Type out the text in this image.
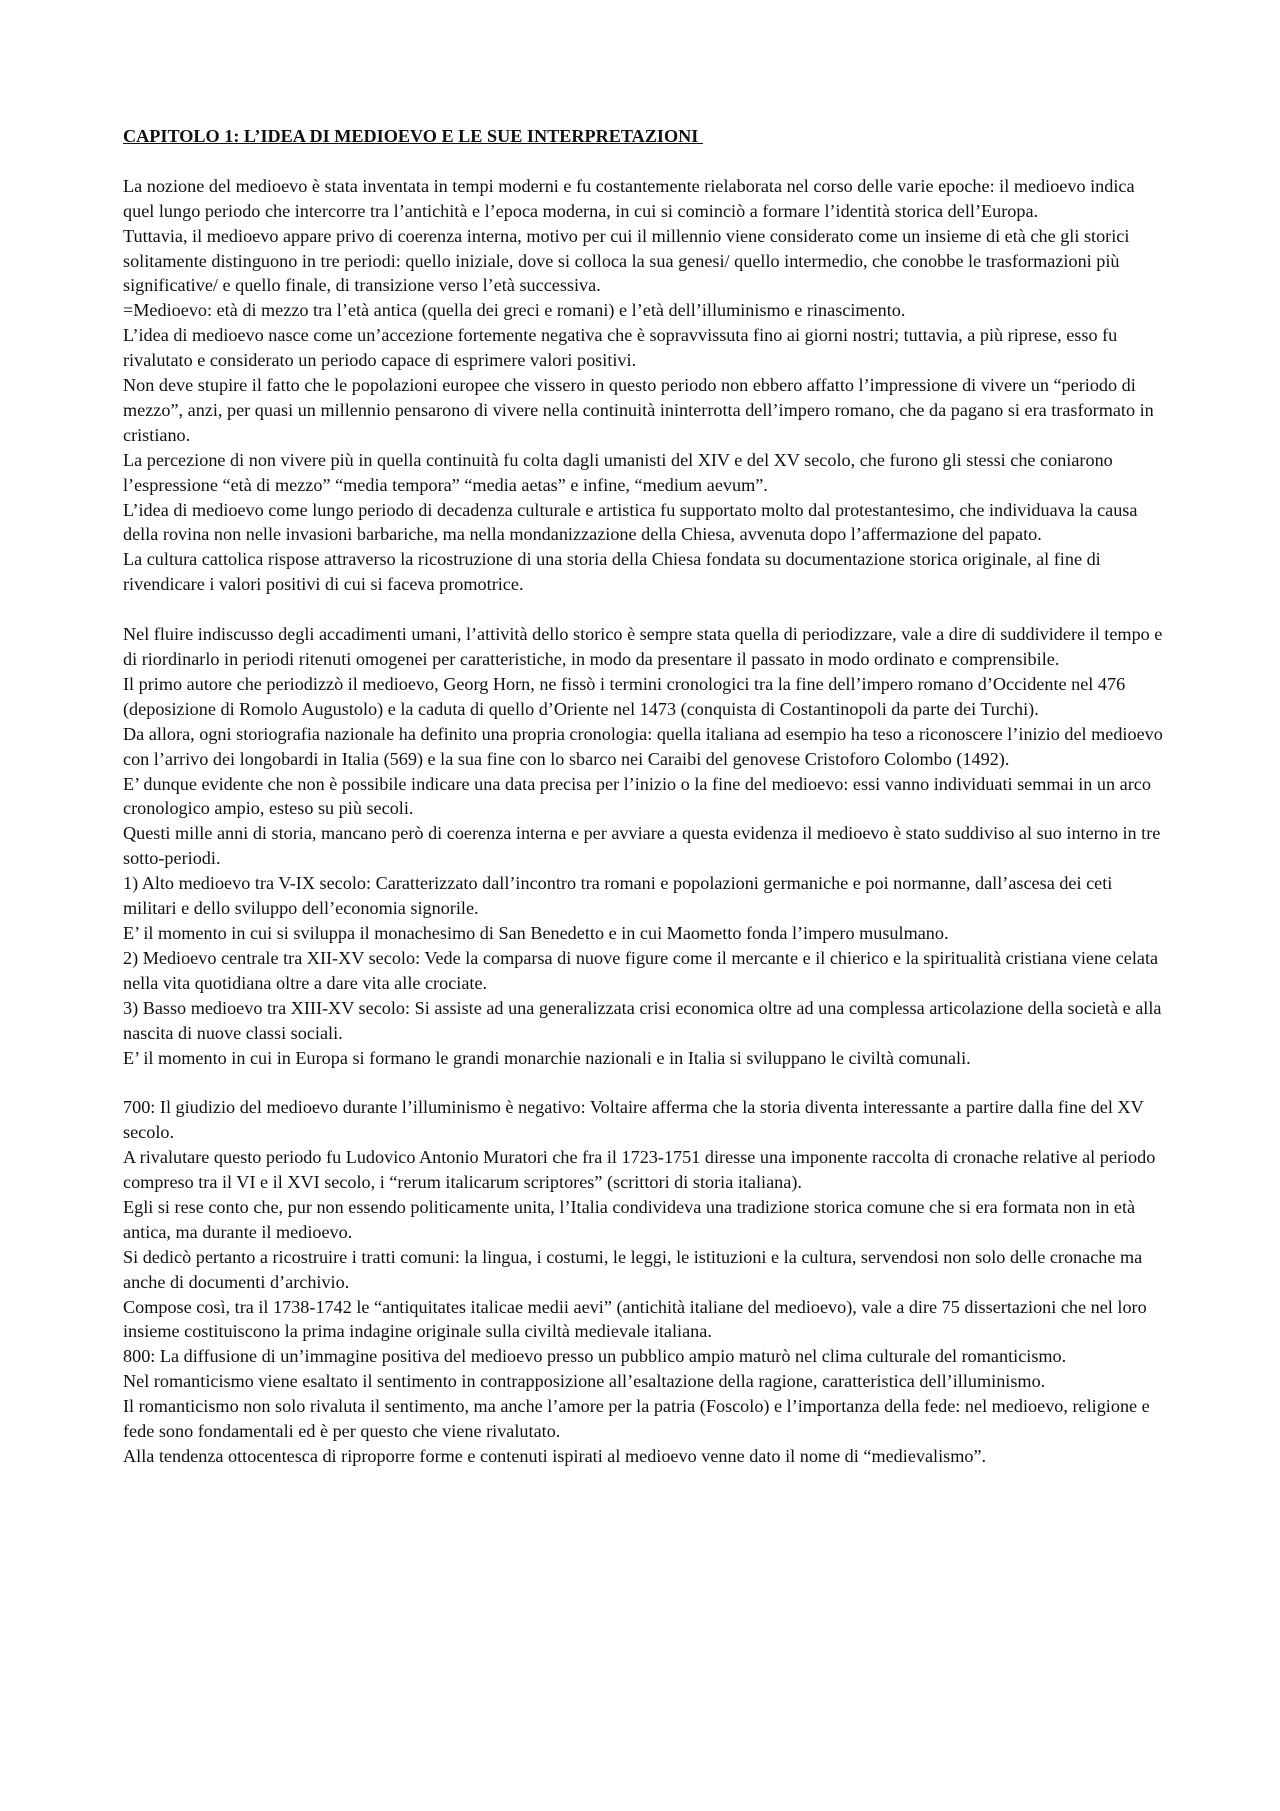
CAPITOLO 1: L’IDEA DI MEDIOEVO E LE SUE INTERPRETAZIONI

La nozione del medioevo è stata inventata in tempi moderni e fu costantemente rielaborata nel corso delle varie epoche: il medioevo indica quel lungo periodo che intercorre tra l’antichità e l’epoca moderna, in cui si cominciò a formare l’identità storica dell’Europa.

Tuttavia, il medioevo appare privo di coerenza interna, motivo per cui il millennio viene considerato come un insieme di età che gli storici solitamente distinguono in tre periodi: quello iniziale, dove si colloca la sua genesi/ quello intermedio, che conobbe le trasformazioni più significative/ e quello finale, di transizione verso l’età successiva.

=Medioevo: età di mezzo tra l’età antica (quella dei greci e romani) e l’età dell’illuminismo e rinascimento.

L’idea di medioevo nasce come un’accezione fortemente negativa che è sopravvissuta fino ai giorni nostri; tuttavia, a più riprese, esso fu rivalutato e considerato un periodo capace di esprimere valori positivi.

Non deve stupire il fatto che le popolazioni europee che vissero in questo periodo non ebbero affatto l’impressione di vivere un “periodo di mezzo”, anzi, per quasi un millennio pensarono di vivere nella continuità ininterrotta dell’impero romano, che da pagano si era trasformato in cristiano.

La percezione di non vivere più in quella continuità fu colta dagli umanisti del XIV e del XV secolo, che furono gli stessi che coniarono l’espressione “età di mezzo” “media tempora” “media aetas” e infine, “medium aevum”.

L’idea di medioevo come lungo periodo di decadenza culturale e artistica fu supportato molto dal protestantesimo, che individuava la causa della rovina non nelle invasioni barbariche, ma nella mondanizzazione della Chiesa, avvenuta dopo l’affermazione del papato.

La cultura cattolica rispose attraverso la ricostruzione di una storia della Chiesa fondata su documentazione storica originale, al fine di rivendicare i valori positivi di cui si faceva promotrice.

Nel fluire indiscusso degli accadimenti umani, l’attività dello storico è sempre stata quella di periodizzare, vale a dire di suddividere il tempo e di riordinarlo in periodi ritenuti omogenei per caratteristiche, in modo da presentare il passato in modo ordinato e comprensibile.

Il primo autore che periodizzò il medioevo, Georg Horn, ne fissò i termini cronologici tra la fine dell’impero romano d’Occidente nel 476 (deposizione di Romolo Augustolo) e la caduta di quello d’Oriente nel 1473 (conquista di Costantinopoli da parte dei Turchi).

Da allora, ogni storiografia nazionale ha definito una propria cronologia: quella italiana ad esempio ha teso a riconoscere l’inizio del medioevo con l’arrivo dei longobardi in Italia (569) e la sua fine con lo sbarco nei Caraibi del genovese Cristoforo Colombo (1492).

E’ dunque evidente che non è possibile indicare una data precisa per l’inizio o la fine del medioevo: essi vanno individuati semmai in un arco cronologico ampio, esteso su più secoli.

Questi mille anni di storia, mancano però di coerenza interna e per avviare a questa evidenza il medioevo è stato suddiviso al suo interno in tre sotto-periodi.

1) Alto medioevo tra V-IX secolo: Caratterizzato dall’incontro tra romani e popolazioni germaniche e poi normanne, dall’ascesa dei ceti militari e dello sviluppo dell’economia signorile.

E’ il momento in cui si sviluppa il monachesimo di San Benedetto e in cui Maometto fonda l’impero musulmano.

2) Medioevo centrale tra XII-XV secolo: Vede la comparsa di nuove figure come il mercante e il chierico e la spiritualità cristiana viene celata nella vita quotidiana oltre a dare vita alle crociate.

3) Basso medioevo tra XIII-XV secolo: Si assiste ad una generalizzata crisi economica oltre ad una complessa articolazione della società e alla nascita di nuove classi sociali.

E’ il momento in cui in Europa si formano le grandi monarchie nazionali e in Italia si sviluppano le civiltà comunali.

700: Il giudizio del medioevo durante l’illuminismo è negativo: Voltaire afferma che la storia diventa interessante a partire dalla fine del XV secolo.

A rivalutare questo periodo fu Ludovico Antonio Muratori che fra il 1723-1751 diresse una imponente raccolta di cronache relative al periodo compreso tra il VI e il XVI secolo, i “rerum italicarum scriptores” (scrittori di storia italiana).

Egli si rese conto che, pur non essendo politicamente unita, l’Italia condivideva una tradizione storica comune che si era formata non in età antica, ma durante il medioevo.

Si dedicò pertanto a ricostruire i tratti comuni: la lingua, i costumi, le leggi, le istituzioni e la cultura, servendosi non solo delle cronache ma anche di documenti d’archivio.

Compose così, tra il 1738-1742 le “antiquitates italicae medii aevi” (antichità italiane del medioevo), vale a dire 75 dissertazioni che nel loro insieme costituiscono la prima indagine originale sulla civiltà medievale italiana.

800: La diffusione di un’immagine positiva del medioevo presso un pubblico ampio maturò nel clima culturale del romanticismo.

Nel romanticismo viene esaltato il sentimento in contrapposizione all’esaltazione della ragione, caratteristica dell’illuminismo.

Il romanticismo non solo rivaluta il sentimento, ma anche l’amore per la patria (Foscolo) e l’importanza della fede: nel medioevo, religione e fede sono fondamentali ed è per questo che viene rivalutato.

Alla tendenza ottocentesca di riproporre forme e contenuti ispirati al medioevo venne dato il nome di “medievalismo”.
